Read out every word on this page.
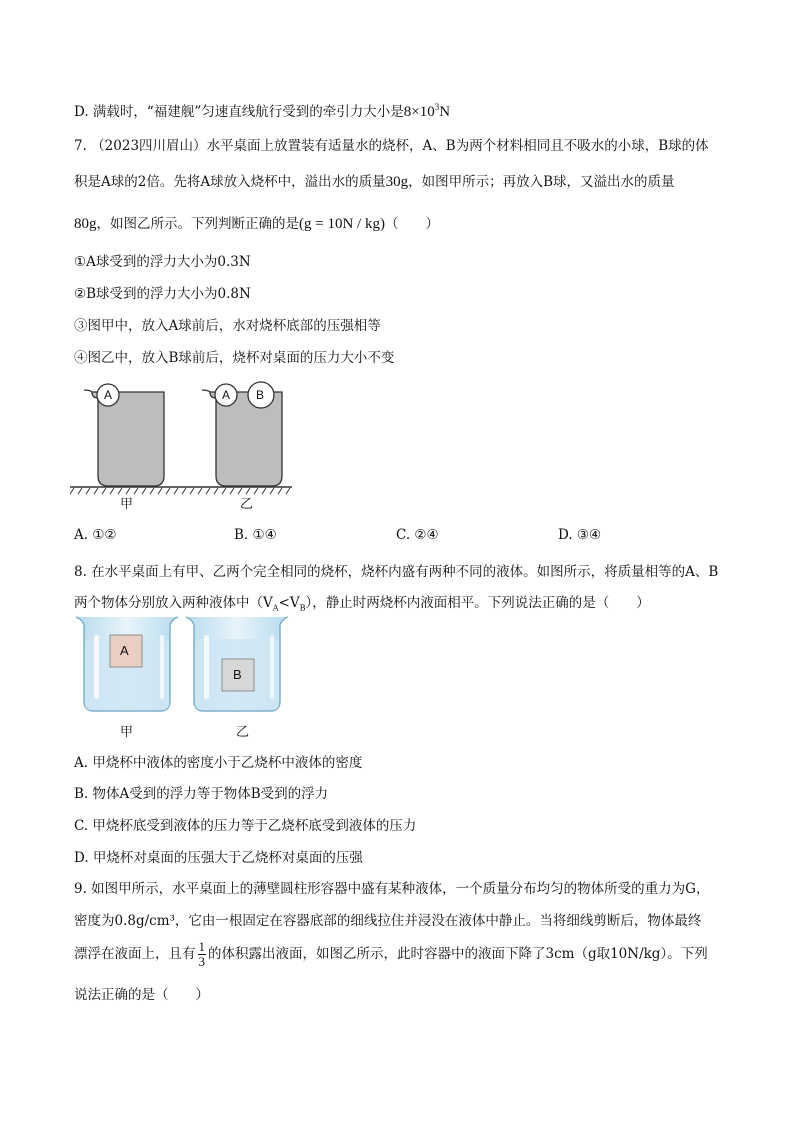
D. 满载时，“福建舰”匀速直线航行受到的牵引力大小是$8\times 10^3N$
7. （2023四川眉山）水平桌面上放置装有适量水的烧杯，A、B为两个材料相同且不吸水的小球，B球的体
积是A球的2倍。先将A球放入烧杯中，溢出水的质量30g，如图甲所示；再放入B球，又溢出水的质量
80g，如图乙所示。下列判断正确的是(g = 10N / kg)（　　）
①A球受到的浮力大小为0.3N
②B球受到的浮力大小为0.8N
③图甲中，放入A球前后，水对烧杯底部的压强相等
④图乙中，放入B球前后，烧杯对桌面的压力大小不变
A	A B
甲	乙
A. ①②	B. ①④	C. ②④	D. ③④
8. 在水平桌面上有甲、乙两个完全相同的烧杯，烧杯内盛有两种不同的液体。如图所示，将质量相等的A、B
两个物体分别放入两种液体中$(V_A<V_B)$，静止时两烧杯内液面相平。下列说法正确的是（　　）
A
B
甲	乙
A. 甲烧杯中液体的密度小于乙烧杯中液体的密度
B. 物体A受到的浮力等于物体B受到的浮力
C. 甲烧杯底受到液体的压力等于乙烧杯底受到液体的压力
D. 甲烧杯对桌面的压强大于乙烧杯对桌面的压强
9. 如图甲所示，水平桌面上的薄壁圆柱形容器中盛有某种液体，一个质量分布均匀的物体所受的重力为G，
密度为0.8g/cm³，它由一根固定在容器底部的细线拉住并浸没在液体中静止。当将细线剪断后，物体最终
漂浮在液面上，且有 $\frac{1}{3}$ 的体积露出液面，如图乙所示，此时容器中的液面下降了3cm（g取10N/kg）。下列
说法正确的是（　　）
